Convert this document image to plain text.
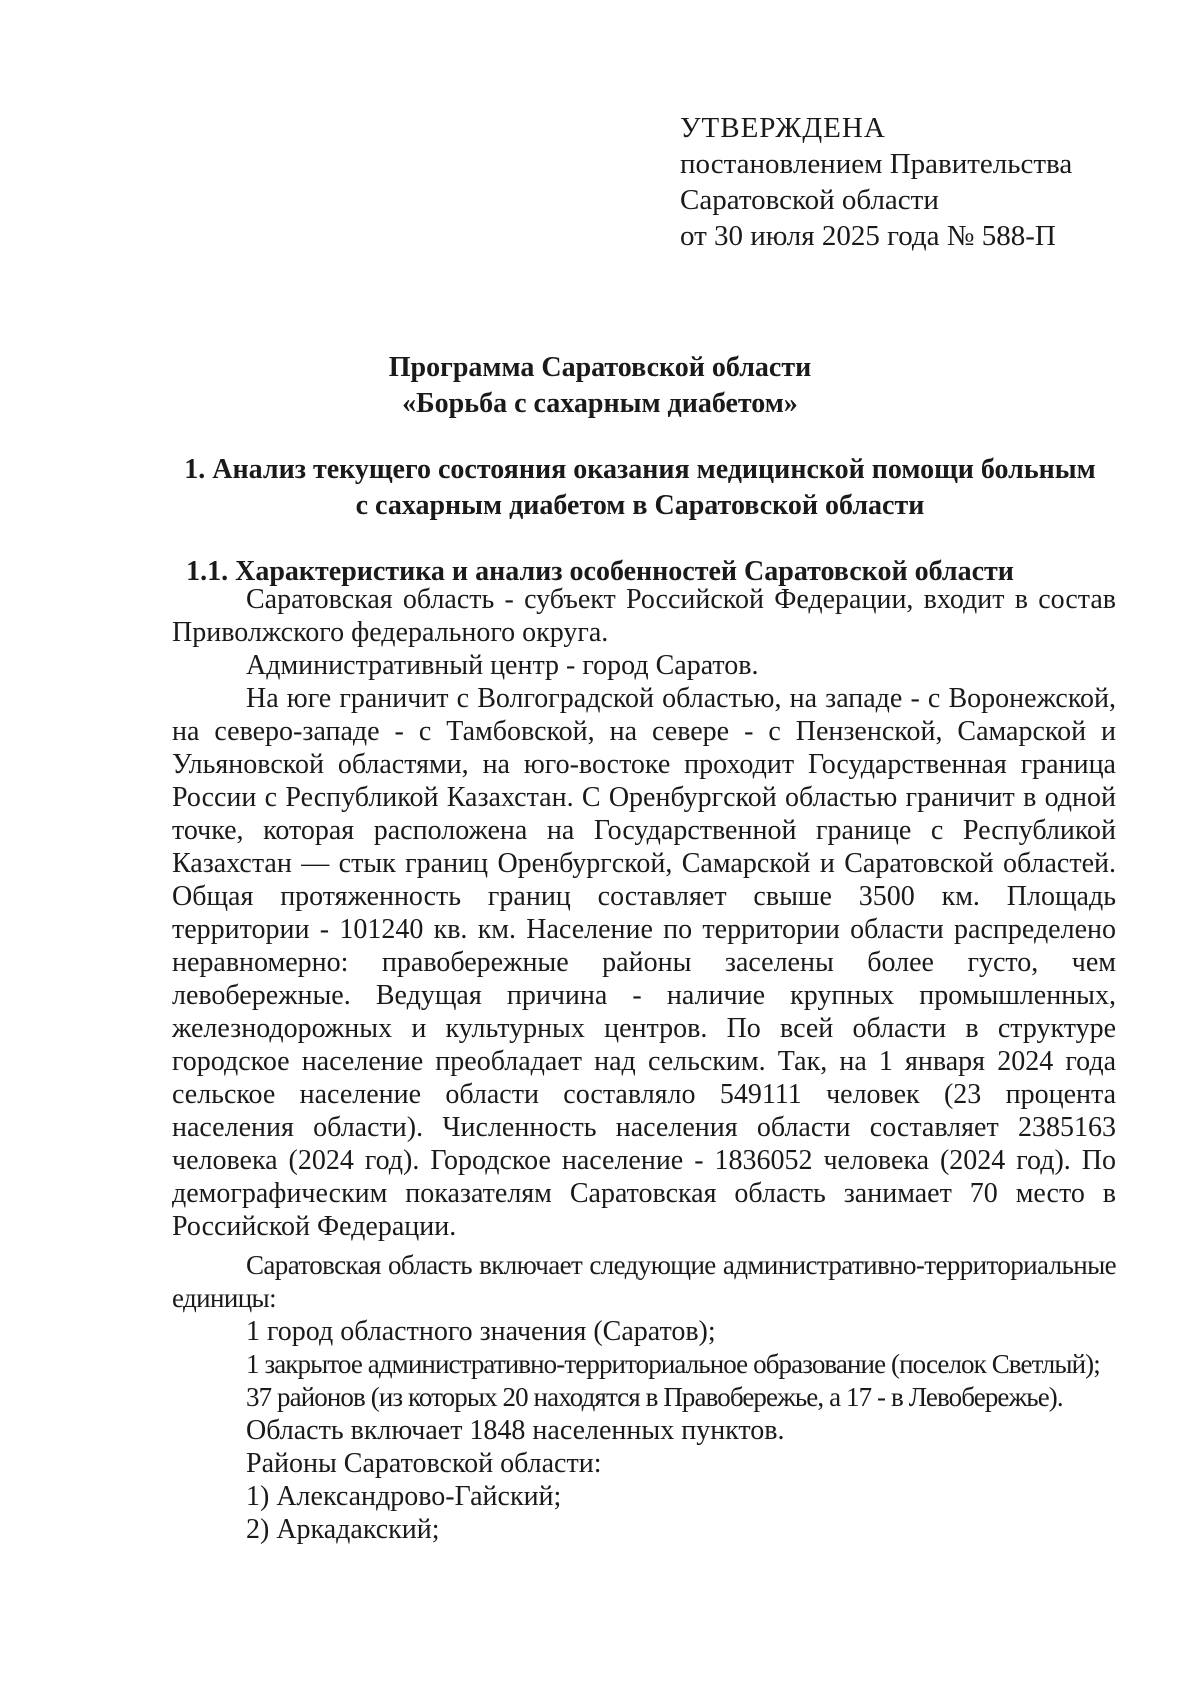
УТВЕРЖДЕНА
постановлением Правительства
Саратовской области
от 30 июля 2025 года № 588-П
Программа Саратовской области
«Борьба с сахарным диабетом»
1. Анализ текущего состояния оказания медицинской помощи больным
с сахарным диабетом в Саратовской области
1.1. Характеристика и анализ особенностей Саратовской области

Саратовская область - субъект Российской Федерации, входит в состав Приволжского федерального округа.

Административный центр - город Саратов.

На юге граничит с Волгоградской областью, на западе - с Воронежской, на северо-западе - с Тамбовской, на севере - с Пензенской, Самарской и Ульяновской областями, на юго-востоке проходит Государственная граница России с Республикой Казахстан. С Оренбургской областью граничит в одной точке, которая расположена на Государственной границе с Республикой Казахстан — стык границ Оренбургской, Самарской и Саратовской областей. Общая протяженность границ составляет свыше 3500 км. Площадь территории - 101240 кв. км. Население по территории области распределено неравномерно: правобережные районы заселены более густо, чем левобережные. Ведущая причина - наличие крупных промышленных, железнодорожных и культурных центров. По всей области в структуре городское население преобладает над сельским. Так, на 1 января 2024 года сельское население области составляло 549111 человек (23 процента населения области). Численность населения области составляет 2385163 человека (2024 год). Городское население - 1836052 человека (2024 год). По демографическим показателям Саратовская область занимает 70 место в Российской Федерации.

Саратовская область включает следующие административно-территориальные единицы:

1 город областного значения (Саратов);

1 закрытое административно-территориальное образование (поселок Светлый);

37 районов (из которых 20 находятся в Правобережье, а 17 - в Левобережье).

Область включает 1848 населенных пунктов.

Районы Саратовской области:

1) Александрово-Гайский;

2) Аркадакский;
